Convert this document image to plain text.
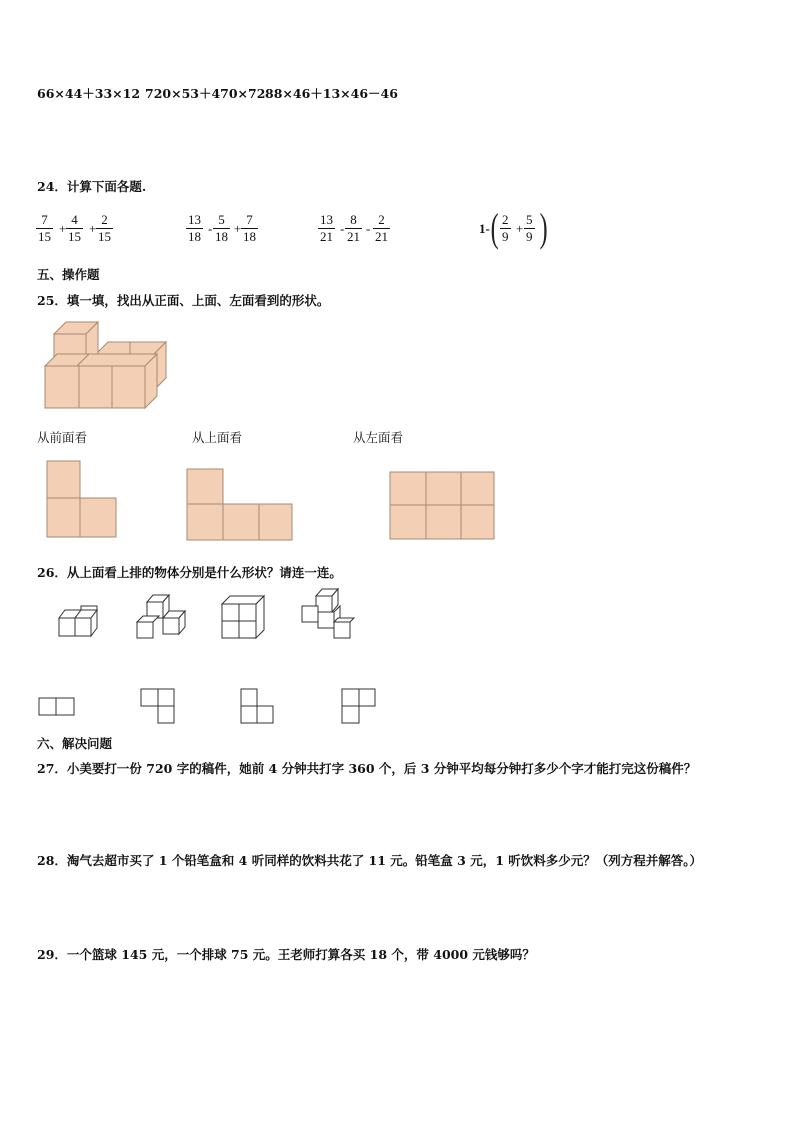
66×44＋33×12 720×53＋470×72 88×46＋13×46－46
24．计算下面各题.
$\frac{7}{15} + \frac{4}{15} + \frac{2}{15}$	$\frac{13}{18} - \frac{5}{18} + \frac{7}{18}$	$\frac{13}{21} - \frac{8}{21} - \frac{2}{21}$	1- ( $\frac{2}{9} + \frac{5}{9}$ )
五、操作题
25．填一填，找出从正面、上面、左面看到的形状。
从前面看	从上面看	从左面看
26．从上面看上排的物体分别是什么形状？请连一连。
六、解决问题
27．小美要打一份 720 字的稿件，她前 4 分钟共打字 360 个，后 3 分钟平均每分钟打多少个字才能打完这份稿件？
28．淘气去超市买了 1 个铅笔盒和 4 听同样的饮料共花了 11 元。铅笔盒 3 元，1 听饮料多少元？（列方程并解答。）
29．一个篮球 145 元，一个排球 75 元。王老师打算各买 18 个，带 4000 元钱够吗？
